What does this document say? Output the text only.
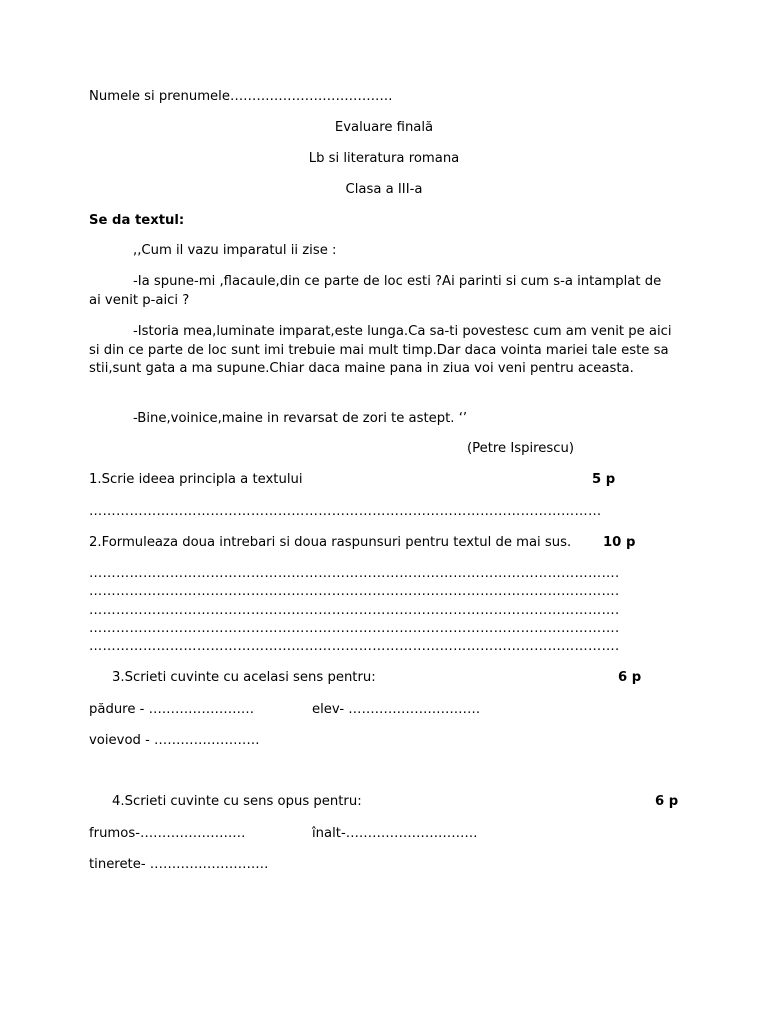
Numele si prenumele……………………………….
Evaluare finală
Lb si literatura romana
Clasa a III-a
Se da textul:
,,Cum il vazu imparatul ii zise :
-Ia spune-mi ,flacaule,din ce parte de loc esti ?Ai parinti si cum s-a intamplat de ai venit p-aici ?
-Istoria mea,luminate imparat,este lunga.Ca sa-ti povestesc cum am venit pe aici si din ce parte de loc sunt imi trebuie mai mult timp.Dar daca vointa mariei tale este sa stii,sunt gata a ma supune.Chiar daca maine pana in ziua voi veni pentru aceasta.
-Bine,voinice,maine in revarsat de zori te astept. ‘’
(Petre Ispirescu)
1.Scrie ideea principla a textului	5 p
……………………………………………………………………………………………………
2.Formuleaza doua intrebari si doua raspunsuri pentru textul de mai sus. 10 p
……………………………………………………………………………………………………….
……………………………………………………………………………………………………….
……………………………………………………………………………………………………….
……………………………………………………………………………………………………….
……………………………………………………………………………………………………….
3.Scrieti cuvinte cu acelasi sens pentru:	6 p
pădure - ……………………	elev- …………………………
voievod - ……………………
4.Scrieti cuvinte cu sens opus pentru:	6 p
frumos-……………………	înalt-…………………………
tinerete- ………………………
